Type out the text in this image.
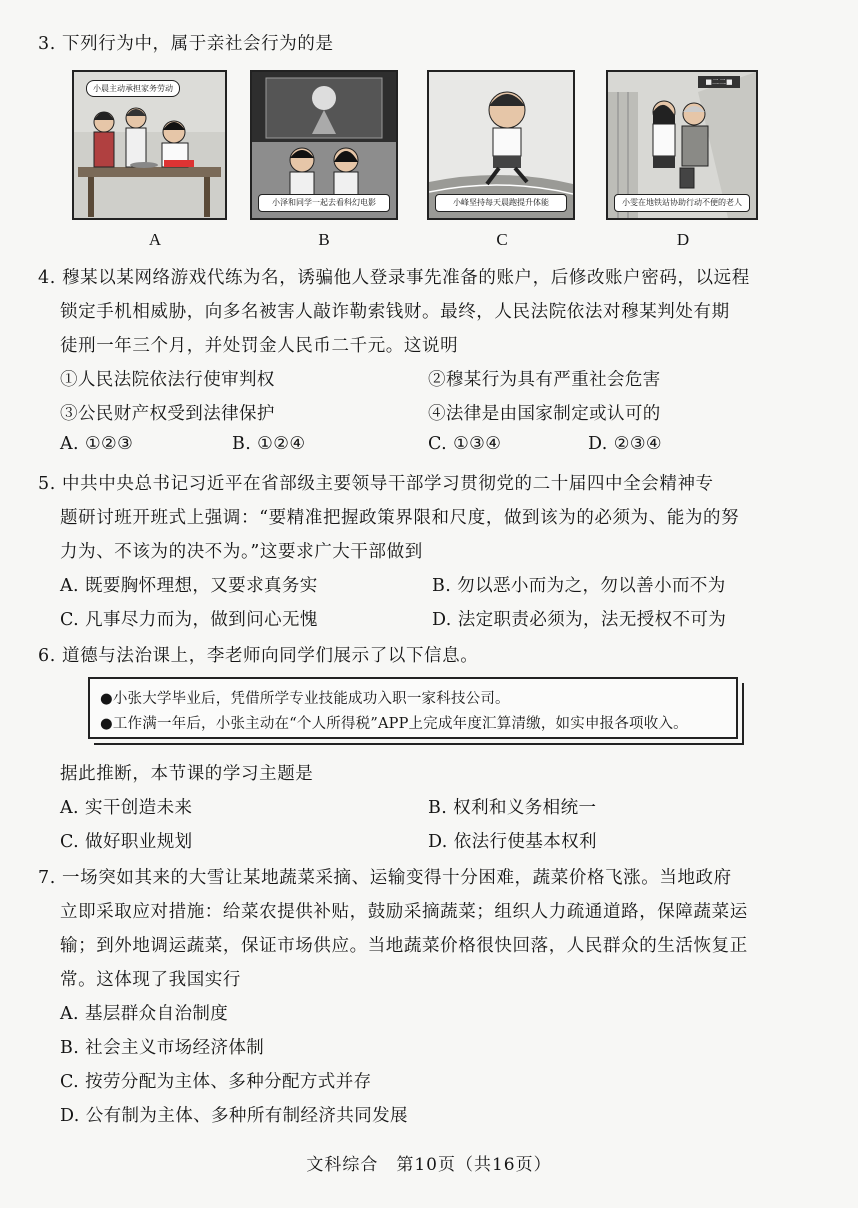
3. 下列行为中，属于亲社会行为的是
小晨主动承担家务劳动
小泽和同学一起去看科幻电影	小峰坚持每天晨跑提升体能
■二二■
小雯在地铁站协助行动不便的老人
A	B	C	D
4. 穆某以某网络游戏代练为名，诱骗他人登录事先准备的账户，后修改账户密码，以远程
锁定手机相威胁，向多名被害人敲诈勒索钱财。最终，人民法院依法对穆某判处有期
徒刑一年三个月，并处罚金人民币二千元。这说明
①人民法院依法行使审判权	②穆某行为具有严重社会危害
③公民财产权受到法律保护	④法律是由国家制定或认可的
A. ①②③	B. ①②④	C. ①③④	D. ②③④
5. 中共中央总书记习近平在省部级主要领导干部学习贯彻党的二十届四中全会精神专
题研讨班开班式上强调：“要精准把握政策界限和尺度，做到该为的必须为、能为的努
力为、不该为的决不为。”这要求广大干部做到
A. 既要胸怀理想，又要求真务实	B. 勿以恶小而为之，勿以善小而不为
C. 凡事尽力而为，做到问心无愧	D. 法定职责必须为，法无授权不可为
6. 道德与法治课上，李老师向同学们展示了以下信息。
●小张大学毕业后，凭借所学专业技能成功入职一家科技公司。
●工作满一年后，小张主动在“个人所得税”APP上完成年度汇算清缴，如实申报各项收入。
据此推断，本节课的学习主题是
A. 实干创造未来	B. 权利和义务相统一
C. 做好职业规划	D. 依法行使基本权利
7. 一场突如其来的大雪让某地蔬菜采摘、运输变得十分困难，蔬菜价格飞涨。当地政府
立即采取应对措施：给菜农提供补贴，鼓励采摘蔬菜；组织人力疏通道路，保障蔬菜运
输；到外地调运蔬菜，保证市场供应。当地蔬菜价格很快回落，人民群众的生活恢复正
常。这体现了我国实行
A. 基层群众自治制度
B. 社会主义市场经济体制
C. 按劳分配为主体、多种分配方式并存
D. 公有制为主体、多种所有制经济共同发展
文科综合　第10页（共16页）
